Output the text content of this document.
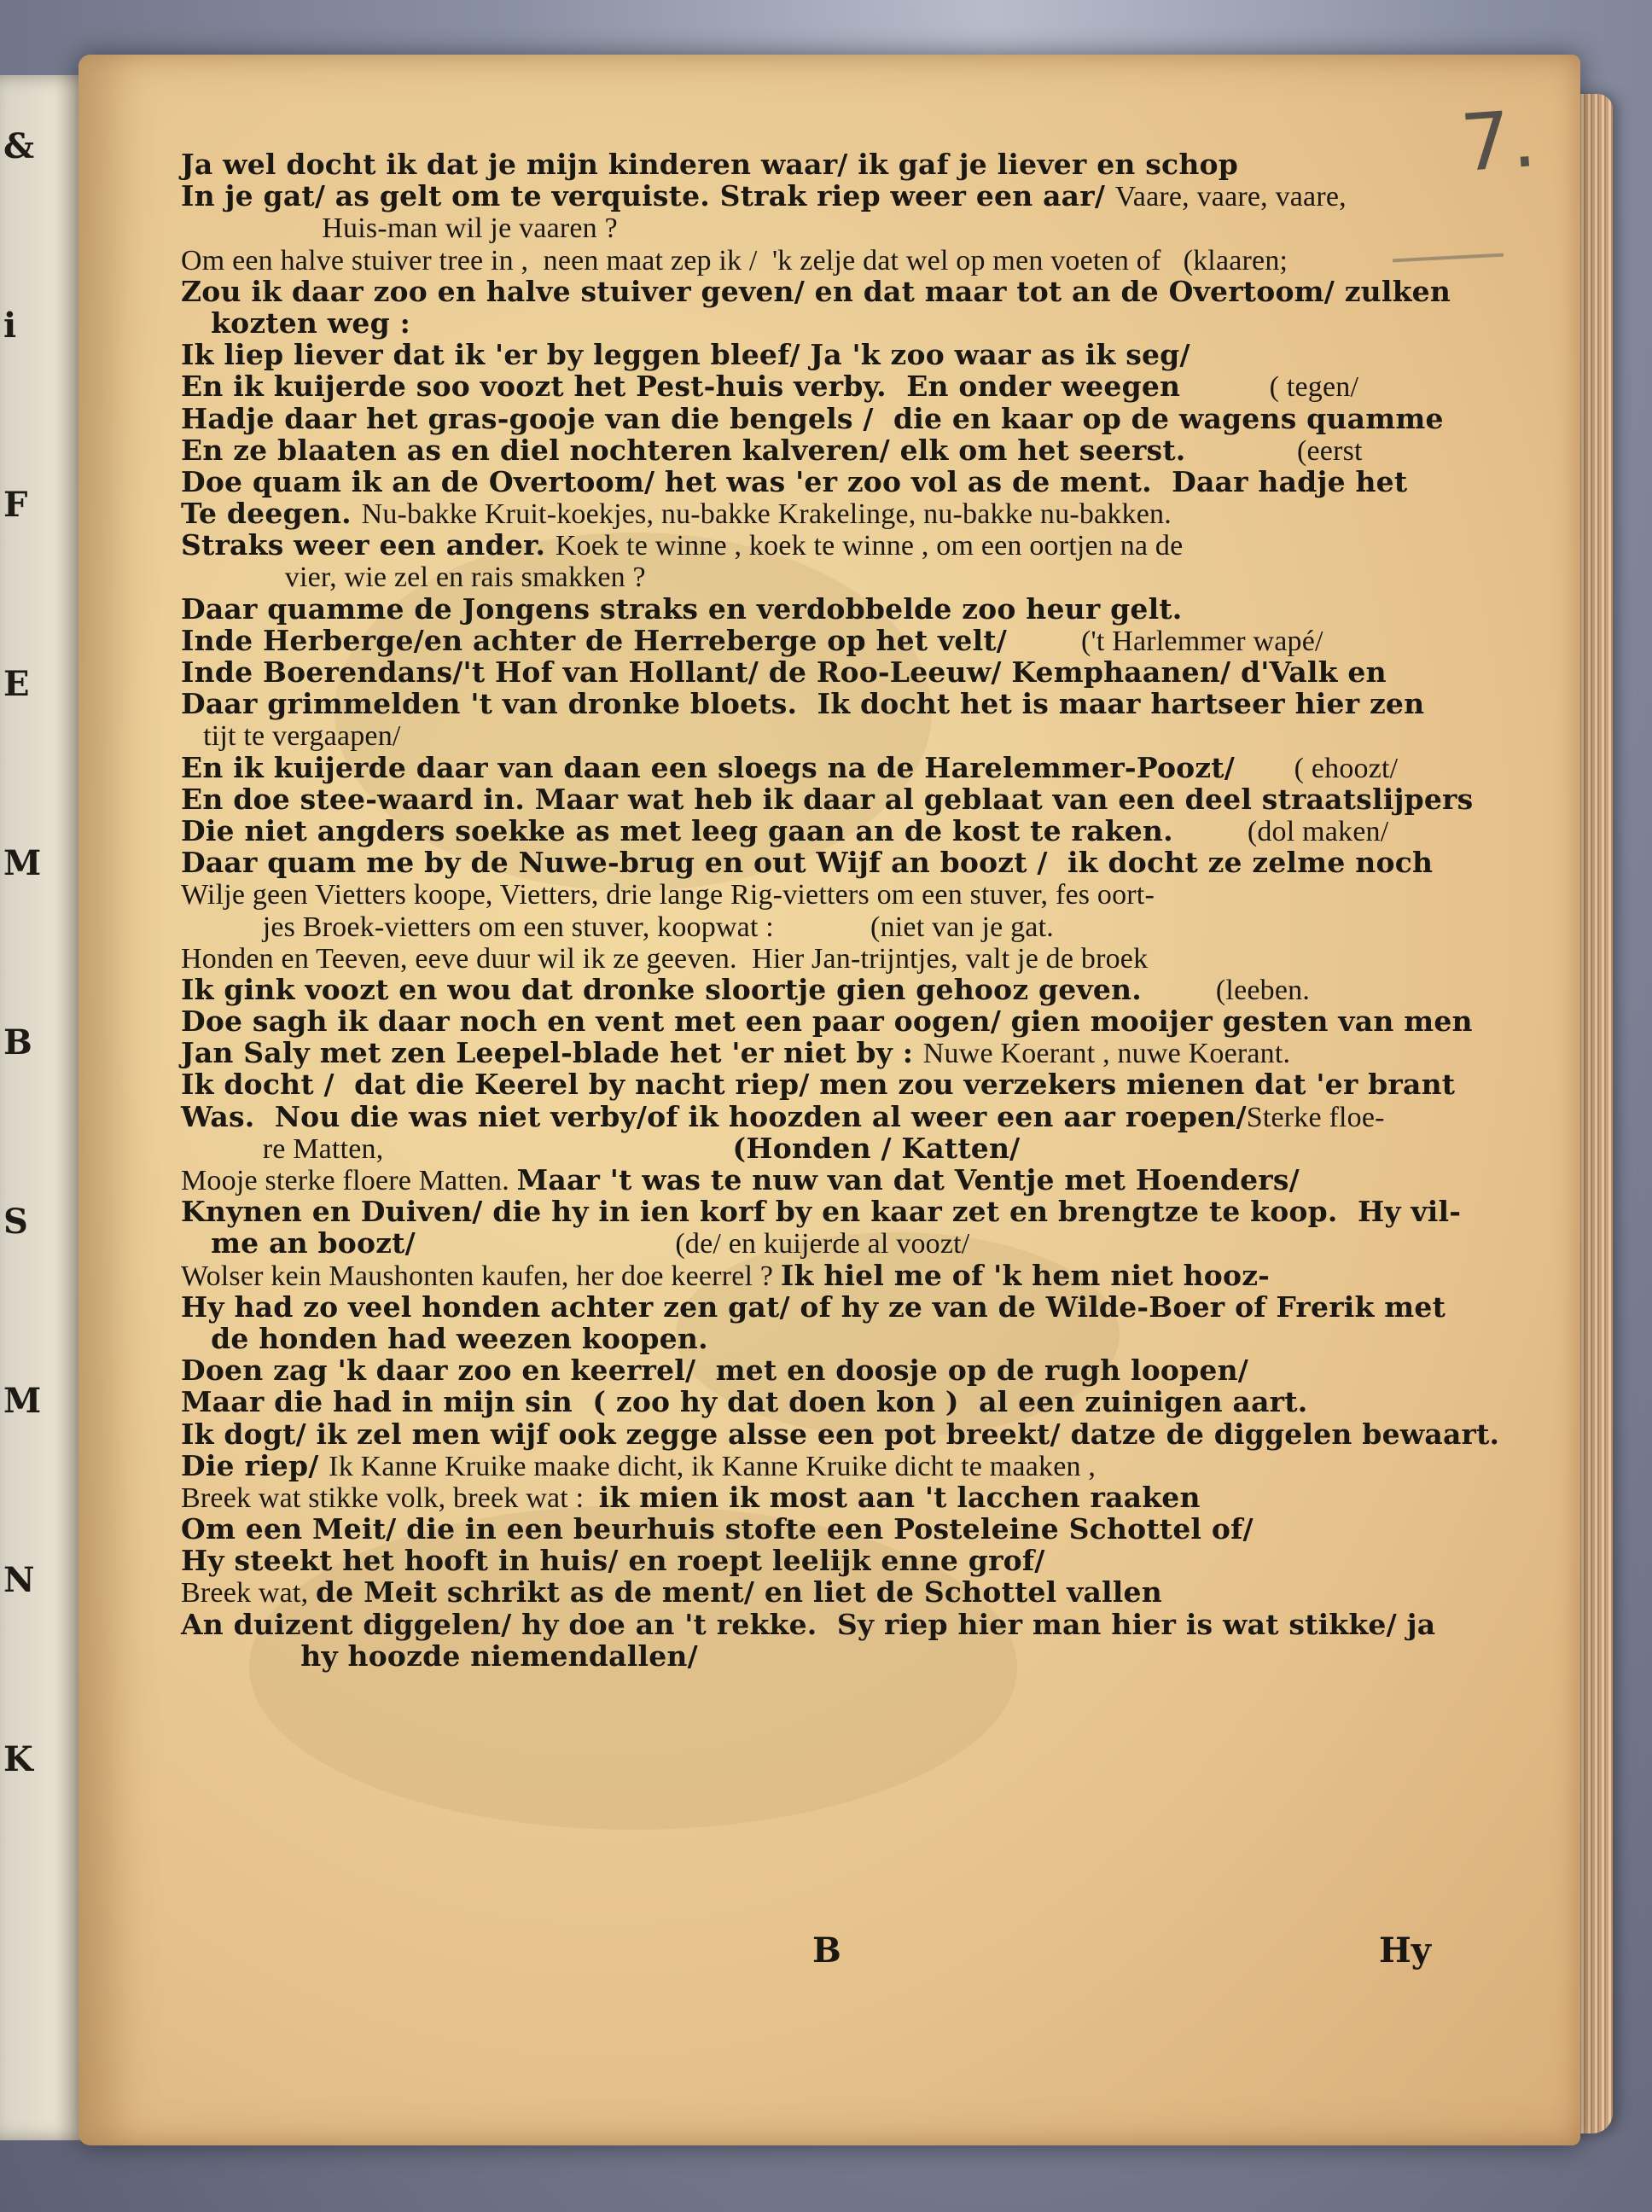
&
i
F
E
M
B
S
M
N
K
7.
Ja wel docht ik dat je mijn kinderen waar/ ik gaf je liever en schop
In je gat/ as gelt om te verquiste. Strak riep weer een aar/ Vaare, vaare, vaare,
Huis-man wil je vaaren ?
Om een halve stuiver tree in ,  neen maat zep ik /  'k zelje dat wel op men voeten of   (klaaren;
Zou ik daar zoo en halve stuiver geven/ en dat maar tot an de Overtoom/ zulken
kozten weg :
Ik liep liever dat ik 'er by leggen bleef/ Ja 'k zoo waar as ik seg/
En ik kuijerde soo voozt het Pest-huis verby.  En onder weegen            ( tegen/
Hadje daar het gras-gooje van die bengels /  die en kaar op de wagens quamme
En ze blaaten as en diel nochteren kalveren/ elk om het seerst.               (eerst
Doe quam ik an de Overtoom/ het was 'er zoo vol as de ment.  Daar hadje het
Te deegen. Nu-bakke Kruit-koekjes, nu-bakke Krakelinge, nu-bakke nu-bakken.
Straks weer een ander. Koek te winne , koek te winne , om een oortjen na de
vier, wie zel en rais smakken ?
Daar quamme de Jongens straks en verdobbelde zoo heur gelt.
Inde Herberge/en achter de Herreberge op het velt/          ('t Harlemmer wapé/
Inde Boerendans/'t Hof van Hollant/ de Roo-Leeuw/ Kemphaanen/ d'Valk en
Daar grimmelden 't van dronke bloets.  Ik docht het is maar hartseer hier zen
tijt te vergaapen/
En ik kuijerde daar van daan een sloegs na de Harelemmer-Poozt/        ( ehoozt/
En doe stee-waard in. Maar wat heb ik daar al geblaat van een deel straatslijpers
Die niet angders soekke as met leeg gaan an de kost te raken.          (dol maken/
Daar quam me by de Nuwe-brug en out Wijf an boozt /  ik docht ze zelme noch
Wilje geen Vietters koope, Vietters, drie lange Rig-vietters om een stuver, fes oort-
jes Broek-vietters om een stuver, koopwat :             (niet van je gat.
Honden en Teeven, eeve duur wil ik ze geeven.  Hier Jan-trijntjes, valt je de broek
Ik gink voozt en wou dat dronke sloortje gien gehooz geven.          (leeben.
Doe sagh ik daar noch en vent met een paar oogen/ gien mooijer gesten van men
Jan Saly met zen Leepel-blade het 'er niet by : Nuwe Koerant , nuwe Koerant.
Ik docht /  dat die Keerel by nacht riep/ men zou verzekers mienen dat 'er brant
Was.  Nou die was niet verby/of ik hoozden al weer een aar roepen/Sterke floe-
re Matten,                                   (Honden / Katten/
Mooje sterke floere Matten. Maar 't was te nuw van dat Ventje met Hoenders/
Knynen en Duiven/ die hy in ien korf by en kaar zet en brengtze te koop.  Hy vil-
me an boozt/                                   (de/ en kuijerde al voozt/
Wolser kein Maushonten kaufen, her doe keerrel ? Ik hiel me of 'k hem niet hooz-
Hy had zo veel honden achter zen gat/ of hy ze van de Wilde-Boer of Frerik met
de honden had weezen koopen.
Doen zag 'k daar zoo en keerrel/  met en doosje op de rugh loopen/
Maar die had in mijn sin  ( zoo hy dat doen kon )  al een zuinigen aart.
Ik dogt/ ik zel men wijf ook zegge alsse een pot breekt/ datze de diggelen bewaart.
Die riep/ Ik Kanne Kruike maake dicht, ik Kanne Kruike dicht te maaken ,
Breek wat stikke volk, breek wat :  ik mien ik most aan 't lacchen raaken
Om een Meit/ die in een beurhuis stofte een Posteleine Schottel of/
Hy steekt het hooft in huis/ en roept leelijk enne grof/
Breek wat, de Meit schrikt as de ment/ en liet de Schottel vallen
An duizent diggelen/ hy doe an 't rekke.  Sy riep hier man hier is wat stikke/ ja
hy hoozde niemendallen/
B	Hy
